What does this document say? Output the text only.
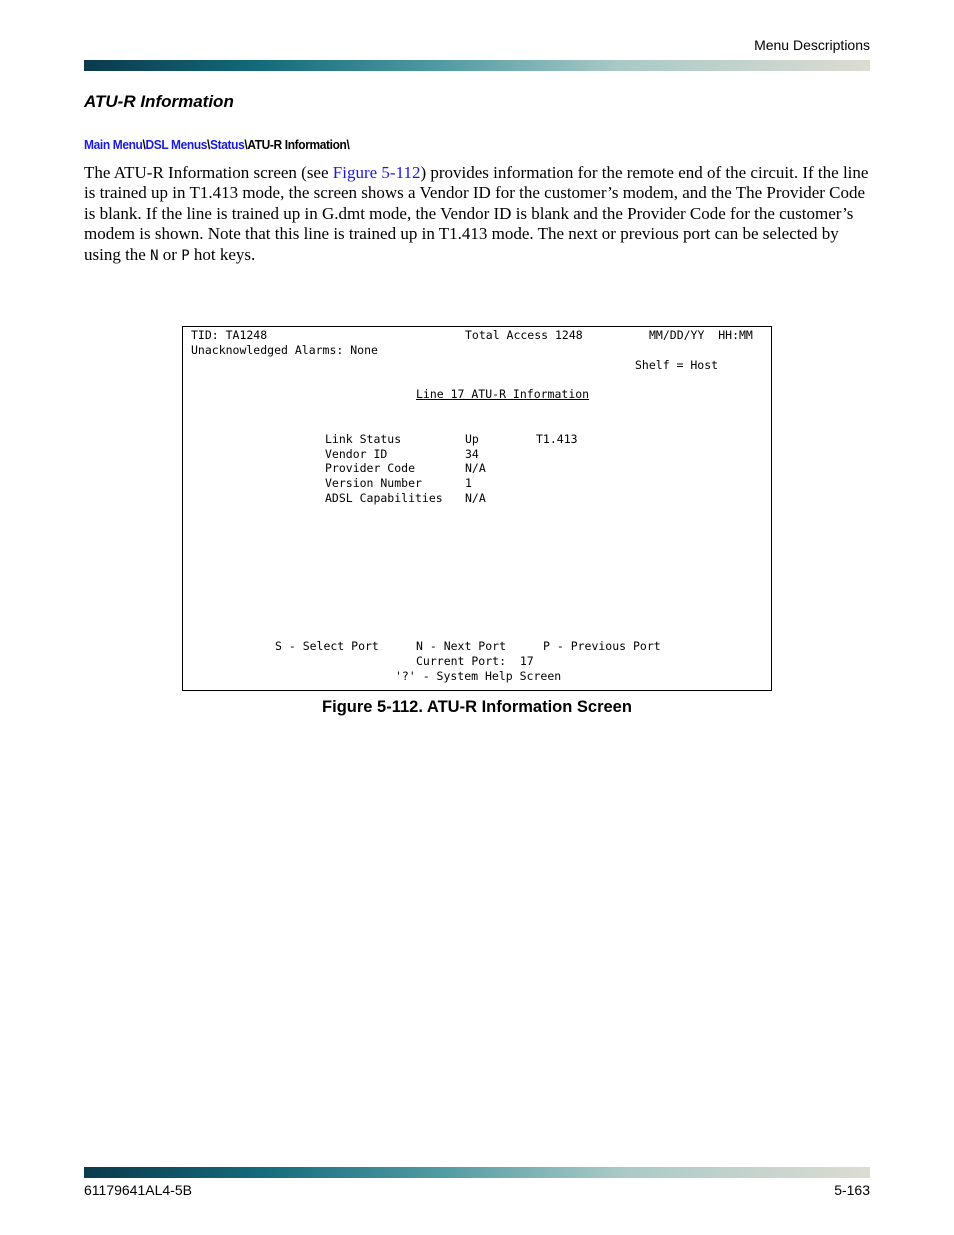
Menu Descriptions
ATU-R Information
Main Menu\DSL Menus\Status\ATU-R Information\
The ATU-R Information screen (see Figure 5-112) provides information for the remote end of the circuit. If the line is trained up in T1.413 mode, the screen shows a Vendor ID for the customer’s modem, and the The Provider Code is blank. If the line is trained up in G.dmt mode, the Vendor ID is blank and the Provider Code for the customer’s modem is shown. Note that this line is trained up in T1.413 mode. The next or previous port can be selected by using the N or P hot keys.
TID: TA1248	Total Access 1248	MM/DD/YY  HH:MM
Unacknowledged Alarms: None
Shelf = Host
Line 17 ATU-R Information
Link Status	Up	T1.413
Vendor ID	34
Provider Code	N/A
Version Number	1
ADSL Capabilities N/A
S - Select Port	N - Next Port	P - Previous Port
Current Port:  17
'?' - System Help Screen
Figure 5-112. ATU-R Information Screen
61179641AL4-5B	5-163
